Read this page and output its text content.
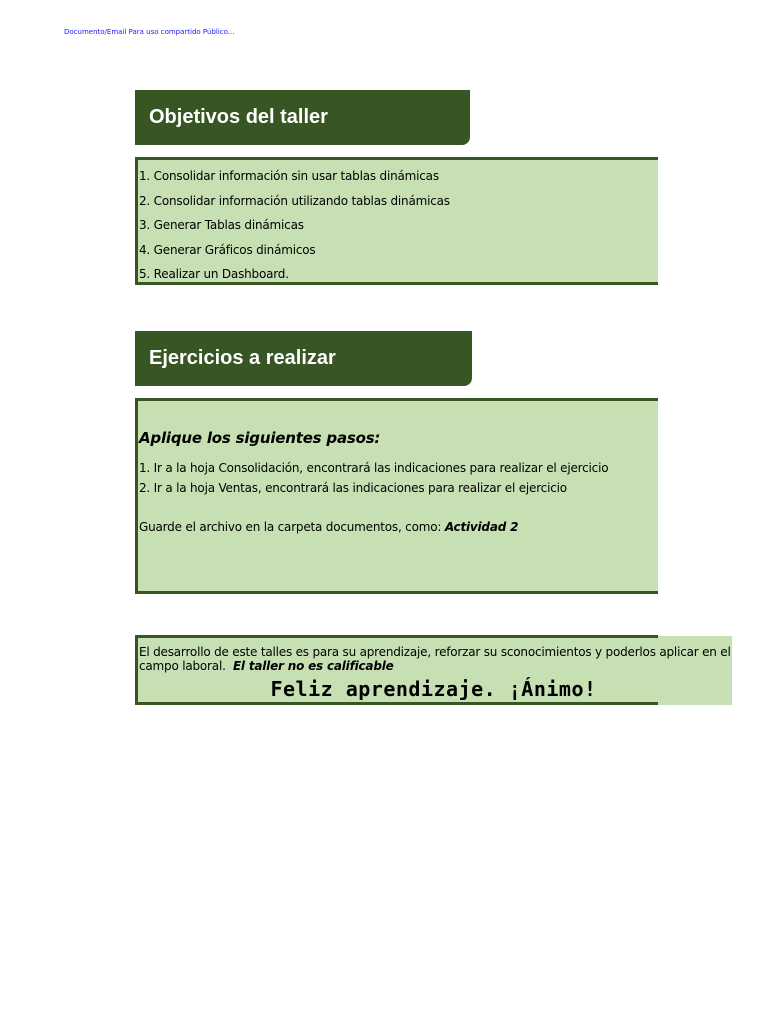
Documento/Email Para uso compartido Público...
Objetivos del taller
1. Consolidar información sin usar tablas dinámicas
2. Consolidar información utilizando tablas dinámicas
3. Generar Tablas dinámicas
4. Generar Gráficos dinámicos
5. Realizar un Dashboard.
Ejercicios a realizar
Aplique los siguientes pasos:
1. Ir a la hoja Consolidación, encontrará las indicaciones para realizar el ejercicio
2. Ir a la hoja Ventas, encontrará las indicaciones para realizar el ejercicio
Guarde el archivo en la carpeta documentos, como: Actividad 2
El desarrollo de este talles es para su aprendizaje, reforzar su sconocimientos y poderlos aplicar en el
campo laboral. El taller no es calificable
Feliz aprendizaje. ¡Ánimo!
